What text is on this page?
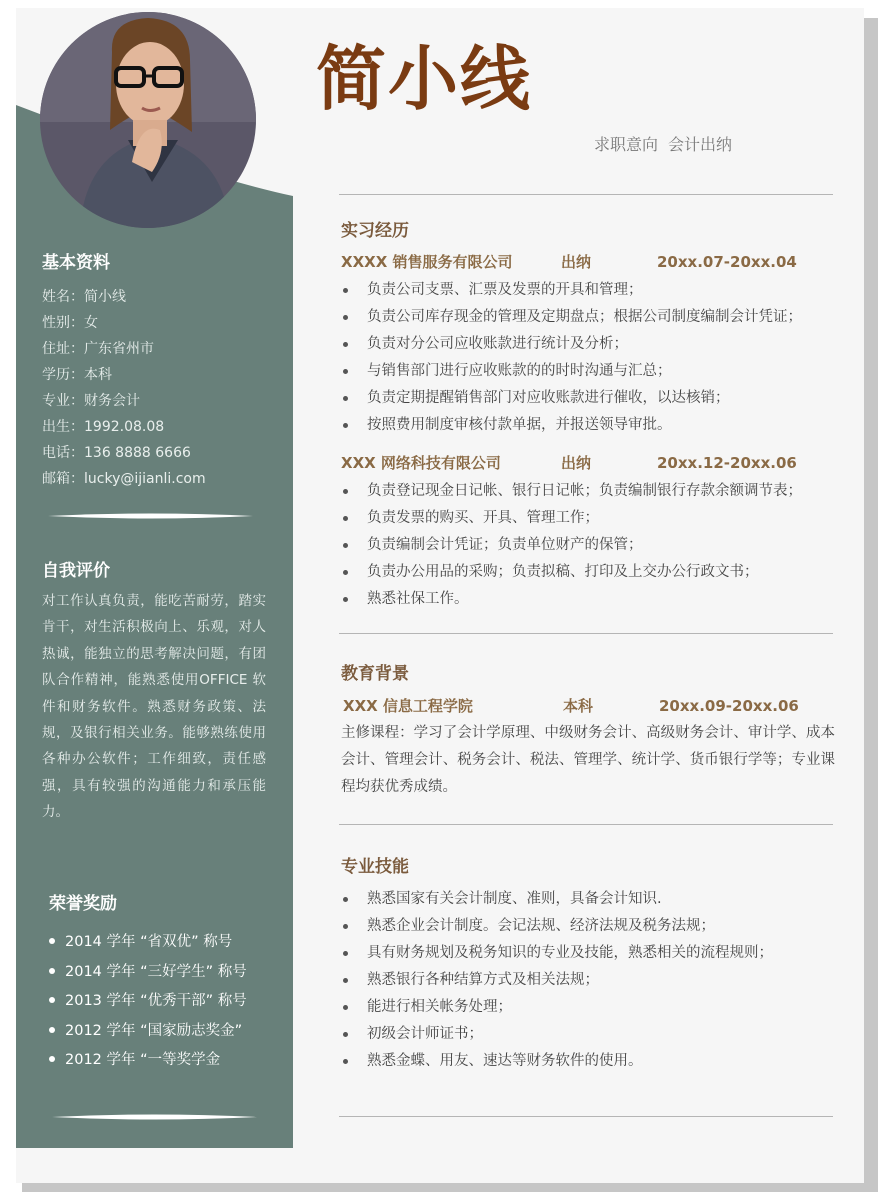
基本资料
姓名：简小线
性别：女
住址：广东省州市
学历：本科
专业：财务会计
出生：1992.08.08
电话：136 8888 6666
邮箱：lucky@ijianli.com
自我评价

对工作认真负责，能吃苦耐劳，踏实肯干，对生活积极向上、乐观，对人热诚，能独立的思考解决问题，有团队合作精神，能熟悉使用OFFICE 软件和财务软件。熟悉财务政策、法规，及银行相关业务。能够熟练使用各种办公软件；工作细致，责任感强，具有较强的沟通能力和承压能力。

荣誉奖励
2014 学年 “省双优” 称号
2014 学年 “三好学生” 称号
2013 学年 “优秀干部” 称号
2012 学年 “国家励志奖金”
2012 学年 “一等奖学金
简小线
求职意向 会计出纳
实习经历
XXXX 销售服务有限公司	出纳	20xx.07-20xx.04
负责公司支票、汇票及发票的开具和管理；
负责公司库存现金的管理及定期盘点；根据公司制度编制会计凭证；
负责对分公司应收账款进行统计及分析；
与销售部门进行应收账款的的时时沟通与汇总；
负责定期提醒销售部门对应收账款进行催收，以达核销；
按照费用制度审核付款单据，并报送领导审批。
XXX 网络科技有限公司	出纳	20xx.12-20xx.06
负责登记现金日记帐、银行日记帐；负责编制银行存款余额调节表；
负责发票的购买、开具、管理工作；
负责编制会计凭证；负责单位财产的保管；
负责办公用品的采购；负责拟稿、打印及上交办公行政文书；
熟悉社保工作。
教育背景
XXX 信息工程学院	本科	20xx.09-20xx.06

主修课程：学习了会计学原理、中级财务会计、高级财务会计、审计学、成本会计、管理会计、税务会计、税法、管理学、统计学、货币银行学等；专业课程均获优秀成绩。

专业技能
熟悉国家有关会计制度、准则，具备会计知识.
熟悉企业会计制度。会记法规、经济法规及税务法规；
具有财务规划及税务知识的专业及技能，熟悉相关的流程规则；
熟悉银行各种结算方式及相关法规；
能进行相关帐务处理；
初级会计师证书；
熟悉金蝶、用友、速达等财务软件的使用。
